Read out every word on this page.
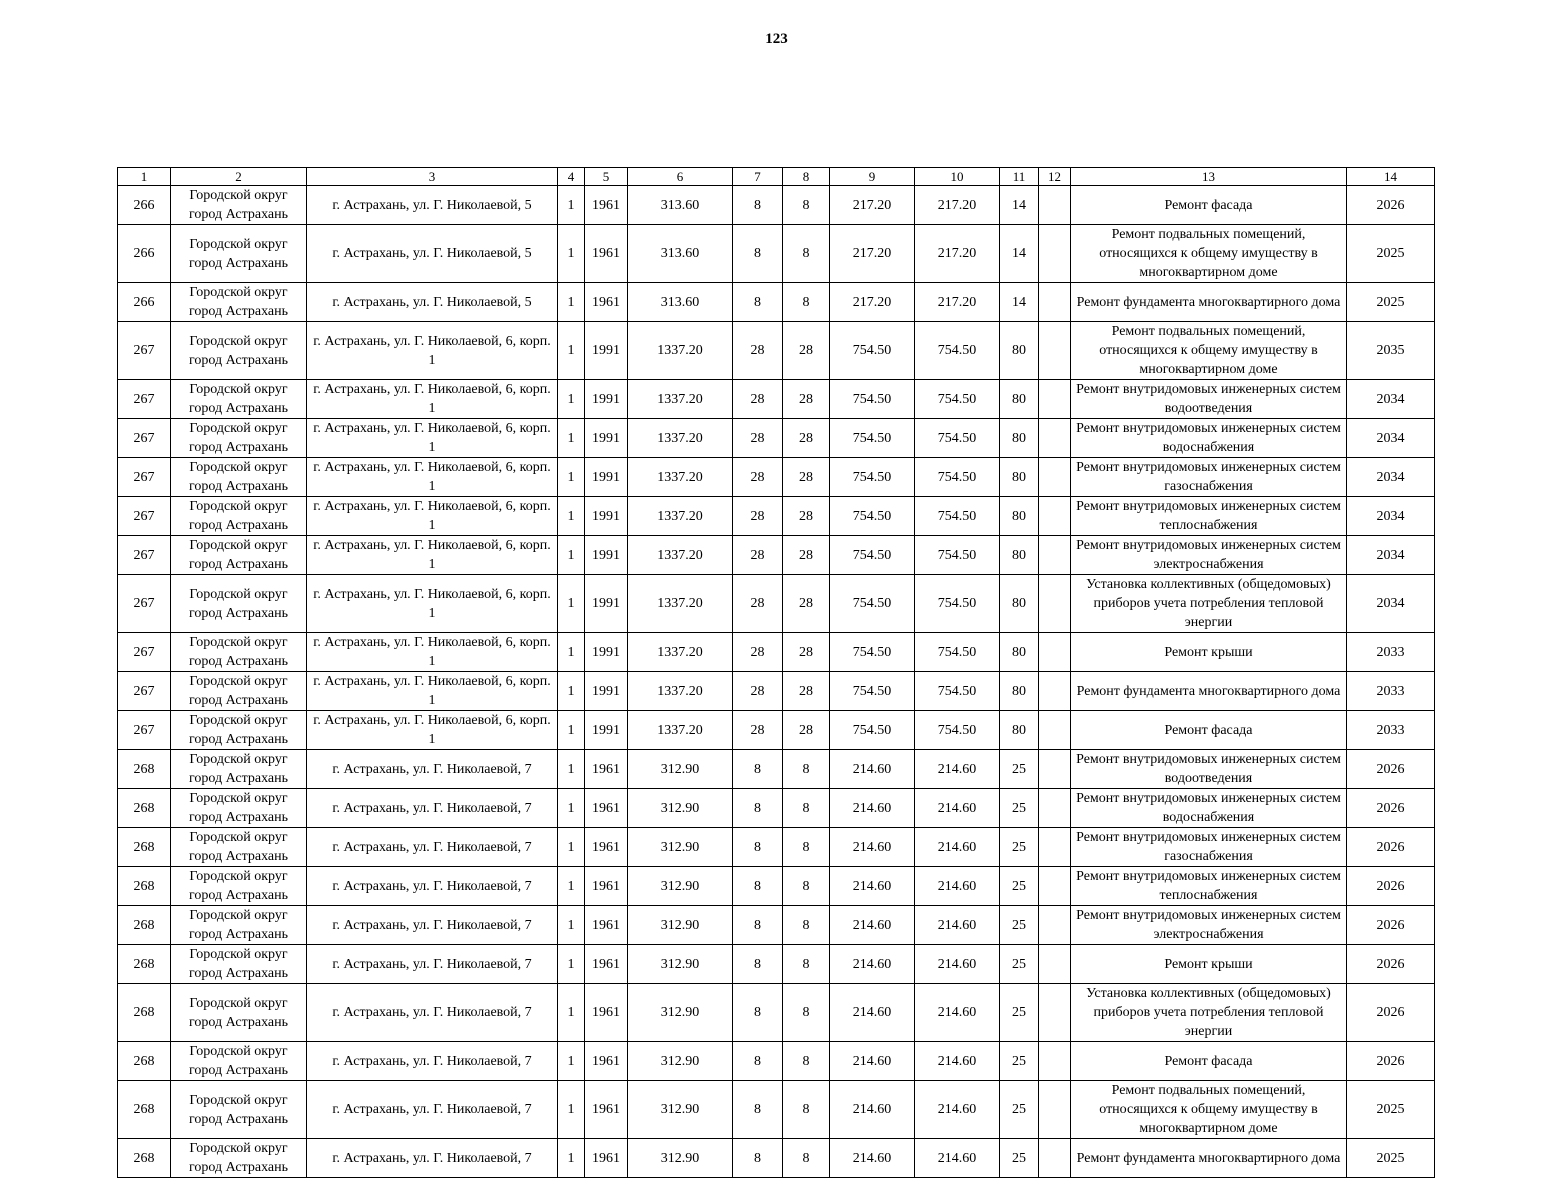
123
1	2	3	4	5	6	7	8	9	10	11	12	13	14
266	Городской округ город Астрахань	г. Астрахань, ул. Г. Николаевой, 5	1	1961	313.60	8	8	217.20	217.20	14		Ремонт фасада	2026
266	Городской округ город Астрахань	г. Астрахань, ул. Г. Николаевой, 5	1	1961	313.60	8	8	217.20	217.20	14		Ремонт подвальных помещений, относящихся к общему имуществу в многоквартирном доме	2025
266	Городской округ город Астрахань	г. Астрахань, ул. Г. Николаевой, 5	1	1961	313.60	8	8	217.20	217.20	14		Ремонт фундамента многоквартирного дома	2025
267	Городской округ город Астрахань	г. Астрахань, ул. Г. Николаевой, 6, корп. 1	1	1991	1337.20	28	28	754.50	754.50	80		Ремонт подвальных помещений, относящихся к общему имуществу в многоквартирном доме	2035
267	Городской округ город Астрахань	г. Астрахань, ул. Г. Николаевой, 6, корп. 1	1	1991	1337.20	28	28	754.50	754.50	80		Ремонт внутридомовых инженерных систем водоотведения	2034
267	Городской округ город Астрахань	г. Астрахань, ул. Г. Николаевой, 6, корп. 1	1	1991	1337.20	28	28	754.50	754.50	80		Ремонт внутридомовых инженерных систем водоснабжения	2034
267	Городской округ город Астрахань	г. Астрахань, ул. Г. Николаевой, 6, корп. 1	1	1991	1337.20	28	28	754.50	754.50	80		Ремонт внутридомовых инженерных систем газоснабжения	2034
267	Городской округ город Астрахань	г. Астрахань, ул. Г. Николаевой, 6, корп. 1	1	1991	1337.20	28	28	754.50	754.50	80		Ремонт внутридомовых инженерных систем теплоснабжения	2034
267	Городской округ город Астрахань	г. Астрахань, ул. Г. Николаевой, 6, корп. 1	1	1991	1337.20	28	28	754.50	754.50	80		Ремонт внутридомовых инженерных систем электроснабжения	2034
267	Городской округ город Астрахань	г. Астрахань, ул. Г. Николаевой, 6, корп. 1	1	1991	1337.20	28	28	754.50	754.50	80		Установка коллективных (общедомовых) приборов учета потребления тепловой энергии	2034
267	Городской округ город Астрахань	г. Астрахань, ул. Г. Николаевой, 6, корп. 1	1	1991	1337.20	28	28	754.50	754.50	80		Ремонт крыши	2033
267	Городской округ город Астрахань	г. Астрахань, ул. Г. Николаевой, 6, корп. 1	1	1991	1337.20	28	28	754.50	754.50	80		Ремонт фундамента многоквартирного дома	2033
267	Городской округ город Астрахань	г. Астрахань, ул. Г. Николаевой, 6, корп. 1	1	1991	1337.20	28	28	754.50	754.50	80		Ремонт фасада	2033
268	Городской округ город Астрахань	г. Астрахань, ул. Г. Николаевой, 7	1	1961	312.90	8	8	214.60	214.60	25		Ремонт внутридомовых инженерных систем водоотведения	2026
268	Городской округ город Астрахань	г. Астрахань, ул. Г. Николаевой, 7	1	1961	312.90	8	8	214.60	214.60	25		Ремонт внутридомовых инженерных систем водоснабжения	2026
268	Городской округ город Астрахань	г. Астрахань, ул. Г. Николаевой, 7	1	1961	312.90	8	8	214.60	214.60	25		Ремонт внутридомовых инженерных систем газоснабжения	2026
268	Городской округ город Астрахань	г. Астрахань, ул. Г. Николаевой, 7	1	1961	312.90	8	8	214.60	214.60	25		Ремонт внутридомовых инженерных систем теплоснабжения	2026
268	Городской округ город Астрахань	г. Астрахань, ул. Г. Николаевой, 7	1	1961	312.90	8	8	214.60	214.60	25		Ремонт внутридомовых инженерных систем электроснабжения	2026
268	Городской округ город Астрахань	г. Астрахань, ул. Г. Николаевой, 7	1	1961	312.90	8	8	214.60	214.60	25		Ремонт крыши	2026
268	Городской округ город Астрахань	г. Астрахань, ул. Г. Николаевой, 7	1	1961	312.90	8	8	214.60	214.60	25		Установка коллективных (общедомовых) приборов учета потребления тепловой энергии	2026
268	Городской округ город Астрахань	г. Астрахань, ул. Г. Николаевой, 7	1	1961	312.90	8	8	214.60	214.60	25		Ремонт фасада	2026
268	Городской округ город Астрахань	г. Астрахань, ул. Г. Николаевой, 7	1	1961	312.90	8	8	214.60	214.60	25		Ремонт подвальных помещений, относящихся к общему имуществу в многоквартирном доме	2025
268	Городской округ город Астрахань	г. Астрахань, ул. Г. Николаевой, 7	1	1961	312.90	8	8	214.60	214.60	25		Ремонт фундамента многоквартирного дома	2025
